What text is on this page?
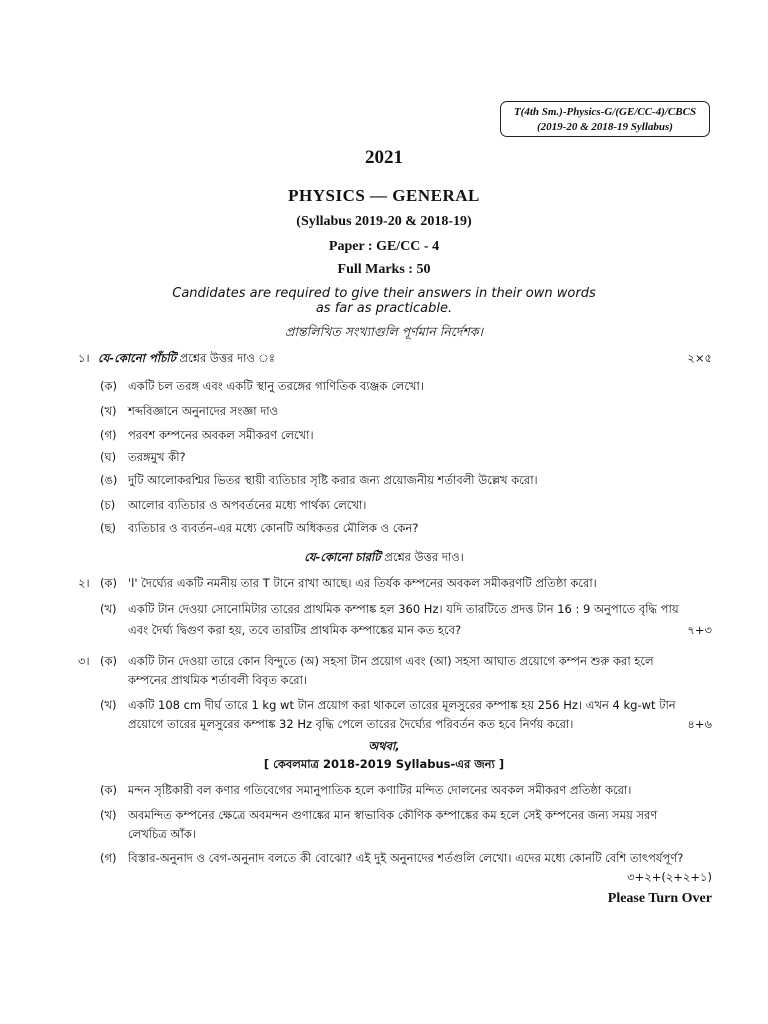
T(4th Sm.)-Physics-G/(GE/CC-4)/CBCS
(2019-20 & 2018-19 Syllabus)
2021
PHYSICS — GENERAL
(Syllabus 2019-20 & 2018-19)
Paper : GE/CC - 4
Full Marks : 50
Candidates are required to give their answers in their own words
as far as practicable.
প্রান্তলিখিত সংখ্যাগুলি পূর্ণমান নির্দেশক।
১। যে-কোনো পাঁচটি প্রশ্নের উত্তর দাও ঃ	২×৫
(ক) একটি চল তরঙ্গ এবং একটি স্থানু তরঙ্গের গাণিতিক ব্যঞ্জক লেখো।
(খ) শব্দবিজ্ঞানে অনুনাদের সংজ্ঞা দাও
(গ) পরবশ কম্পনের অবকল সমীকরণ লেখো।
(ঘ) তরঙ্গমুখ কী?
(ঙ) দুটি আলোকরশ্মির ভিতর স্থায়ী ব্যতিচার সৃষ্টি করার জন্য প্রয়োজনীয় শর্তাবলী উল্লেখ করো।
(চ) আলোর ব্যতিচার ও অপবর্তনের মধ্যে পার্থক্য লেখো।
(ছ) ব্যতিচার ও ব্যবর্তন-এর মধ্যে কোনটি অধিকতর মৌলিক ও কেন?
যে-কোনো চারটি প্রশ্নের উত্তর দাও।
২। (ক) 'l' দৈর্ঘ্যের একটি নমনীয় তার T টানে রাখা আছে। এর তির্যক কম্পনের অবকল সমীকরণটি প্রতিষ্ঠা করো।
(খ) একটি টান দেওয়া সোনোমিটার তারের প্রাথমিক কম্পাঙ্ক হল 360 Hz। যদি তারটিতে প্রদত্ত টান 16 : 9 অনুপাতে বৃদ্ধি পায়
এবং দৈর্ঘ্য দ্বিগুণ করা হয়, তবে তারটির প্রাথমিক কম্পাঙ্কের মান কত হবে?	৭+৩
৩। (ক) একটি টান দেওয়া তারে কোন বিন্দুতে (অ) সহসা টান প্রয়োগ এবং (আ) সহসা আঘাত প্রয়োগে কম্পন শুরু করা হলে
কম্পনের প্রাথমিক শর্তাবলী বিবৃত করো।
(খ) একটি 108 cm দীর্ঘ তারে 1 kg wt টান প্রয়োগ করা থাকলে তারের মূলসুরের কম্পাঙ্ক হয় 256 Hz। এখন 4 kg-wt টান
প্রয়োগে তারের মূলসুরের কম্পাঙ্ক 32 Hz বৃদ্ধি পেলে তারের দৈর্ঘ্যের পরিবর্তন কত হবে নির্ণয় করো।	৪+৬
অথবা,
[ কেবলমাত্র 2018-2019 Syllabus-এর জন্য ]
(ক) মন্দন সৃষ্টিকারী বল কণার গতিবেগের সমানুপাতিক হলে কণাটির মন্দিত দোলনের অবকল সমীকরণ প্রতিষ্ঠা করো।
(খ) অবমন্দিত কম্পনের ক্ষেত্রে অবমন্দন গুণাঙ্কের মান স্বাভাবিক কৌণিক কম্পাঙ্কের কম হলে সেই কম্পনের জন্য সময় সরণ
লেখচিত্র আঁক।
(গ) বিস্তার-অনুনাদ ও বেগ-অনুনাদ বলতে কী বোঝো? এই দুই অনুনাদের শর্তগুলি লেখো। এদের মধ্যে কোনটি বেশি তাৎপর্যপূর্ণ?
৩+২+(২+২+১)
Please Turn Over
